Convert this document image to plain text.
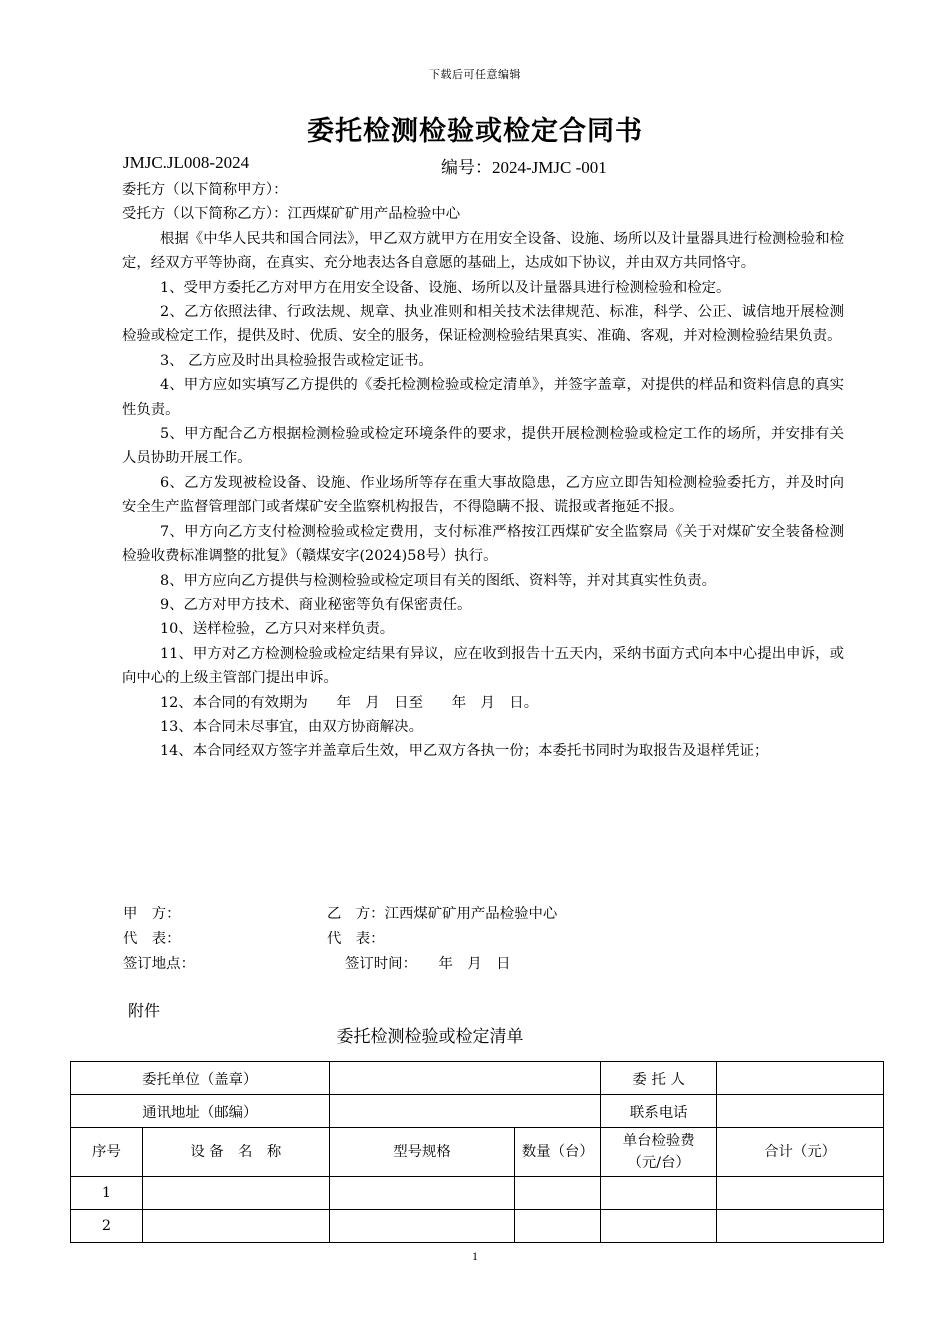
下载后可任意编辑
委托检测检验或检定合同书
JMJC.JL008-2024	编号：2024-JMJC -001

委托方（以下简称甲方）：

受托方（以下简称乙方）：江西煤矿矿用产品检验中心

根据《中华人民共和国合同法》，甲乙双方就甲方在用安全设备、设施、场所以及计量器具进行检测检验和检定，经双方平等协商，在真实、充分地表达各自意愿的基础上，达成如下协议，并由双方共同恪守。

1、受甲方委托乙方对甲方在用安全设备、设施、场所以及计量器具进行检测检验和检定。

2、乙方依照法律、行政法规、规章、执业准则和相关技术法律规范、标准，科学、公正、诚信地开展检测检验或检定工作，提供及时、优质、安全的服务，保证检测检验结果真实、准确、客观，并对检测检验结果负责。

3、 乙方应及时出具检验报告或检定证书。

4、甲方应如实填写乙方提供的《委托检测检验或检定清单》，并签字盖章，对提供的样品和资料信息的真实性负责。

5、甲方配合乙方根据检测检验或检定环境条件的要求，提供开展检测检验或检定工作的场所，并安排有关人员协助开展工作。

6、乙方发现被检设备、设施、作业场所等存在重大事故隐患，乙方应立即告知检测检验委托方，并及时向安全生产监督管理部门或者煤矿安全监察机构报告，不得隐瞒不报、谎报或者拖延不报。

7、甲方向乙方支付检测检验或检定费用，支付标准严格按江西煤矿安全监察局《关于对煤矿安全装备检测检验收费标准调整的批复》（赣煤安字(2024)58号）执行。

8、甲方应向乙方提供与检测检验或检定项目有关的图纸、资料等，并对其真实性负责。

9、乙方对甲方技术、商业秘密等负有保密责任。

10、送样检验，乙方只对来样负责。

11、甲方对乙方检测检验或检定结果有异议，应在收到报告十五天内，采纳书面方式向本中心提出申诉，或向中心的上级主管部门提出申诉。

12、本合同的有效期为　　年　月　日至　　年　月　日。

13、本合同未尽事宜，由双方协商解决。

14、本合同经双方签字并盖章后生效，甲乙双方各执一份；本委托书同时为取报告及退样凭证；

甲　方：	乙　方：江西煤矿矿用产品检验中心
代　表：	代　表：
签订地点：	签订时间：　　年　月　日
附件
委托检测检验或检定清单
委托单位（盖章）				委 托 人	
通讯地址（邮编）				联系电话	
序号	设 备　名　称	型号规格	数量（台）	单台检验费（元/台）	合计（元）
1					
2					
1
